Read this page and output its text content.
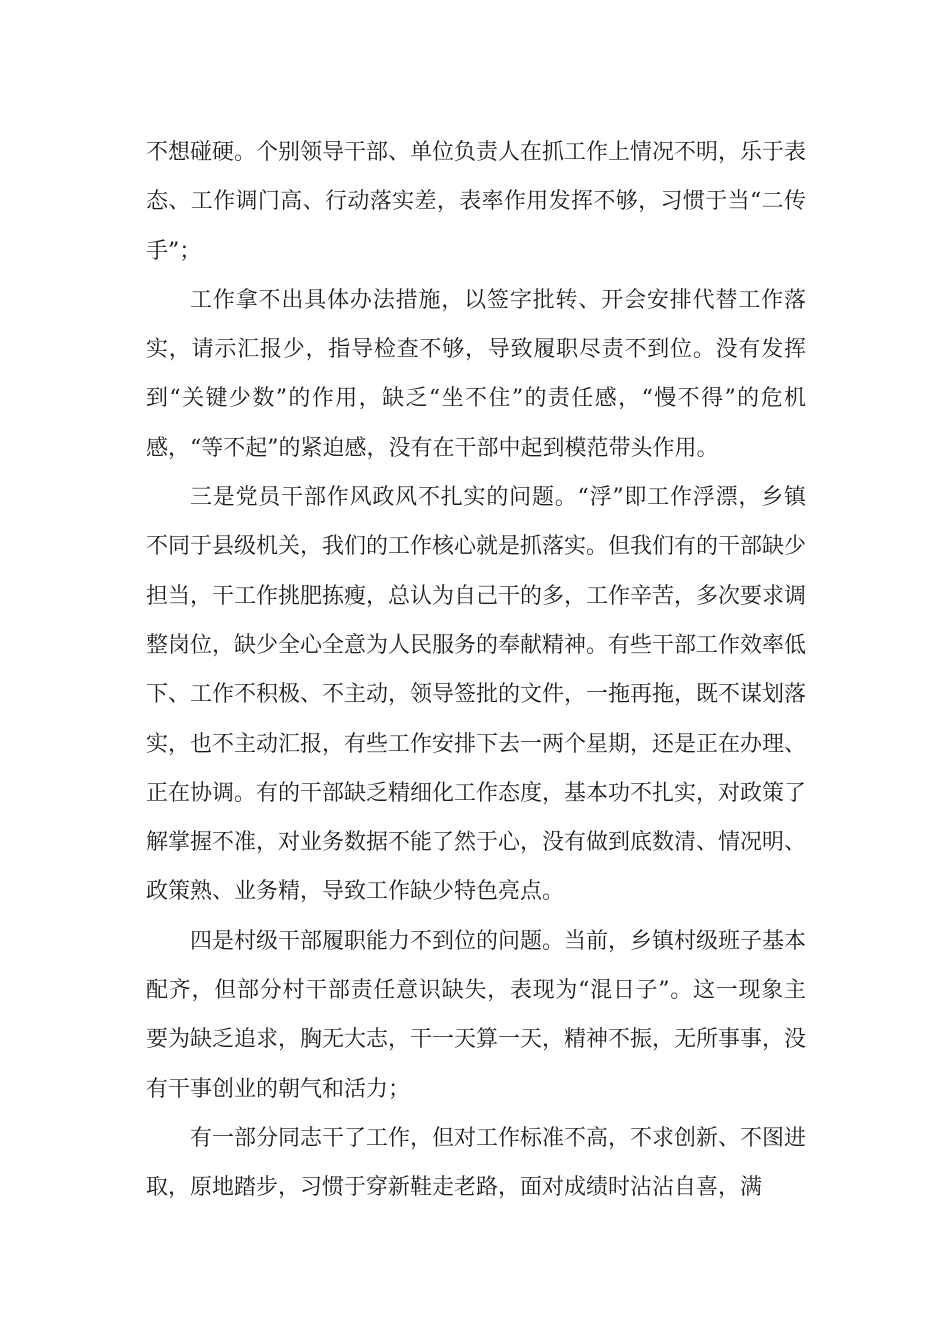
不想碰硬。个别领导干部、单位负责人在抓工作上情况不明，乐于表态、工作调门高、行动落实差，表率作用发挥不够，习惯于当“二传手”；

工作拿不出具体办法措施，以签字批转、开会安排代替工作落实，请示汇报少，指导检查不够，导致履职尽责不到位。没有发挥到“关键少数”的作用，缺乏“坐不住”的责任感，“慢不得”的危机感，“等不起”的紧迫感，没有在干部中起到模范带头作用。

三是党员干部作风政风不扎实的问题。“浮”即工作浮漂，乡镇不同于县级机关，我们的工作核心就是抓落实。但我们有的干部缺少担当，干工作挑肥拣瘦，总认为自己干的多，工作辛苦，多次要求调整岗位，缺少全心全意为人民服务的奉献精神。有些干部工作效率低下、工作不积极、不主动，领导签批的文件，一拖再拖，既不谋划落实，也不主动汇报，有些工作安排下去一两个星期，还是正在办理、正在协调。有的干部缺乏精细化工作态度，基本功不扎实，对政策了解掌握不准，对业务数据不能了然于心，没有做到底数清、情况明、政策熟、业务精，导致工作缺少特色亮点。

四是村级干部履职能力不到位的问题。当前，乡镇村级班子基本配齐，但部分村干部责任意识缺失，表现为“混日子”。这一现象主要为缺乏追求，胸无大志，干一天算一天，精神不振，无所事事，没有干事创业的朝气和活力；

有一部分同志干了工作，但对工作标准不高，不求创新、不图进取，原地踏步，习惯于穿新鞋走老路，面对成绩时沾沾自喜，满
